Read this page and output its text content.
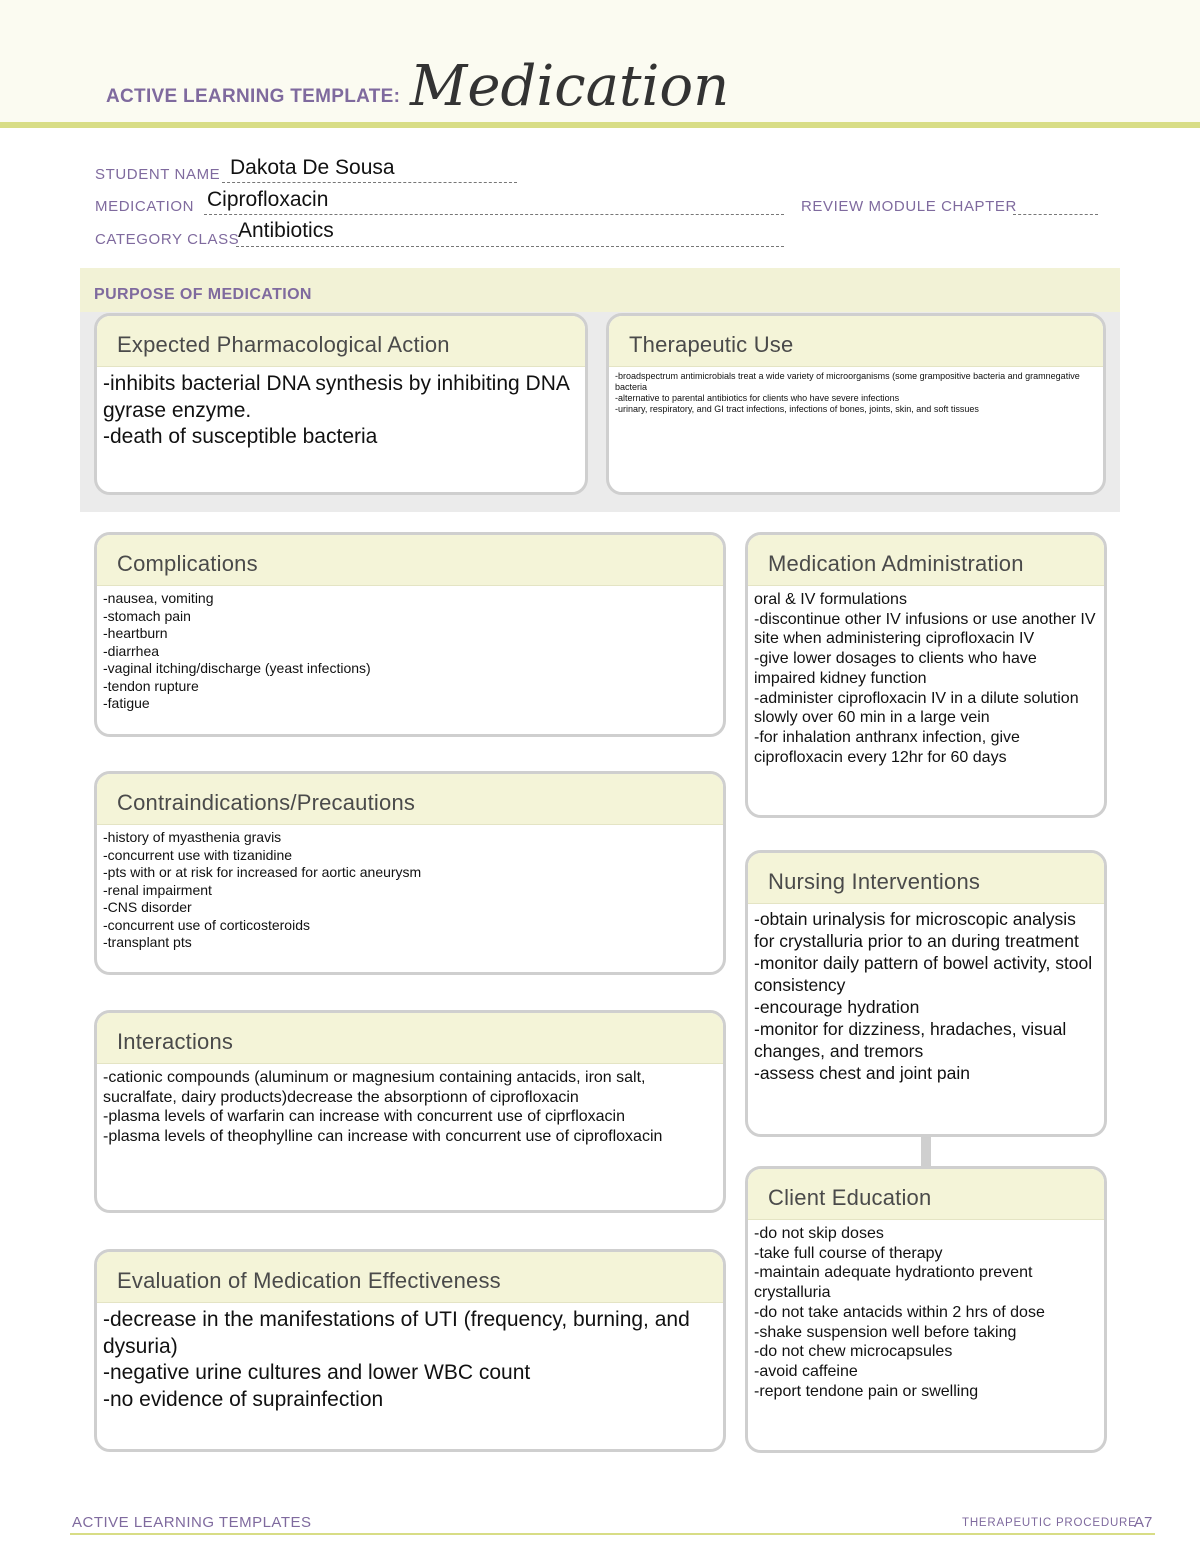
ACTIVE LEARNING TEMPLATE: Medication
STUDENT NAME Dakota De Sousa
MEDICATION Ciprofloxacin	REVIEW MODULE CHAPTER
CATEGORY CLASS
Antibiotics
PURPOSE OF MEDICATION
Expected Pharmacological Action
-inhibits bacterial DNA synthesis by inhibiting DNA gyrase enzyme.
-death of susceptible bacteria
Therapeutic Use
-broadspectrum antimicrobials treat a wide variety of microorganisms (some grampositive bacteria and gramnegative bacteria
-alternative to parental antibiotics for clients who have severe infections
-urinary, respiratory, and GI tract infections, infections of bones, joints, skin, and soft tissues
Complications
-nausea, vomiting
-stomach pain
-heartburn
-diarrhea
-vaginal itching/discharge (yeast infections)
-tendon rupture
-fatigue
Contraindications/Precautions
-history of myasthenia gravis
-concurrent use with tizanidine
-pts with or at risk for increased for aortic aneurysm
-renal impairment
-CNS disorder
-concurrent use of corticosteroids
-transplant pts
Interactions
-cationic compounds (aluminum or magnesium containing antacids, iron salt, sucralfate, dairy products)decrease the absorptionn of ciprofloxacin
-plasma levels of warfarin can increase with concurrent use of ciprfloxacin
-plasma levels of theophylline can increase with concurrent use of ciprofloxacin
Evaluation of Medication Effectiveness
-decrease in the manifestations of UTI (frequency, burning, and dysuria)
-negative urine cultures and lower WBC count
-no evidence of suprainfection
Medication Administration
oral & IV formulations
-discontinue other IV infusions or use another IV site when administering ciprofloxacin IV
-give lower dosages to clients who have impaired kidney function
-administer ciprofloxacin IV in a dilute solution slowly over 60 min in a large vein
-for inhalation anthranx infection, give ciprofloxacin every 12hr for 60 days
Nursing Interventions
-obtain urinalysis for microscopic analysis for crystalluria prior to an during treatment
-monitor daily pattern of bowel activity, stool consistency
-encourage hydration
-monitor for dizziness, hradaches, visual changes, and tremors
-assess chest and joint pain
Client Education
-do not skip doses
-take full course of therapy
-maintain adequate hydrationto prevent crystalluria
-do not take antacids within 2 hrs of dose
-shake suspension well before taking
-do not chew microcapsules
-avoid caffeine
-report tendone pain or swelling
ACTIVE LEARNING TEMPLATES	THERAPEUTIC PROCEDURE
A7
